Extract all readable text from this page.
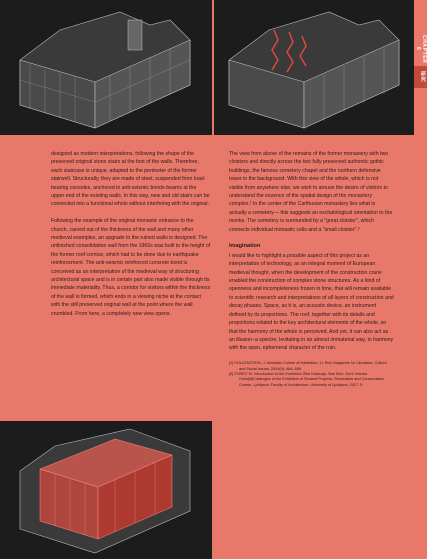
CHAPTER 6
研究

designed as modern interpretations, following the shape of the preserved original stone stairs at the foot of the walls. Therefore, each staircase is unique, adapted to the perimeter of the former stairwell. Structurally, they are made of steel, suspended from load-bearing consoles, anchored in anti-seismic bonds-beams at the upper end of the existing walls. In this way, new and old stairs can be connected into a functional whole without interfering with the original.

Following the example of the original monastic entrance to the church, carved out of the thickness of the wall and many other medieval examples, an upgrade to the ruined walls is designed. The unfinished consolidation wall from the 1960s was built to the height of the former roof cornice, which had to be done due to earthquake reinforcement. The anti-seismic reinforced concrete bond is conceived as an interpretation of the medieval way of structuring architectural space and is in certain part also made visible through its immediate materiality. Thus, a corridor for visitors within the thickness of the wall is formed, which ends in a viewing niche at the contact with the still preserved original wall at the point where the wall crumbled. From here, a completely new view opens.

The view from above of the remains of the former monastery with two cloisters and directly across the two fully preserved authentic gothic buildings, the famous cemetery chapel and the northern defensive tower in the background. With this view of the whole, which is not visible from anywhere else, we wish to arouse the desire of visitors to understand the essence of the spatial design of the monastery complex.¹ In the center of the Carthusian monastery lies what is actually a cemetery— this suggests an eschatological orientation to the monks. The cemetery is surrounded by a "great cloister", which connects individual monastic cells and a "small cloister".²

Imagination

I would like to highlight a possible aspect of this project as an interpretation of technology, as an integral moment of European medieval thought, when the development of the construction crane enabled the construction of complex stone structures. As a kind of openness and incompleteness frozen in time, that will remain available to scientific research and interpretations of all layers of construction and decay phases. Space, as it is, an acoustic device, an instrument defined by its proportions. The roof, together with its details and proportions related to the key architectural elements of the whole, so that the harmony of the whole is perceived. And yet, it can also act as an illusion–a spectre, levitating in an almost immaterial way, in harmony with the open, ephemeral character of the ruin.

[1] HOLLENSTEIN, J. Monastic Culture of Habitation, Li. Rich Magazine for Literature, Culture and Social Issues, 2004(5): 484–486.
[2] ZOREC M. Introduction to the Exhibition Žiča Kartuzija, Stat Selo: Dunt Vincitur Orbis[M]Catalogue of the Exhibition of Student Projects: Renovation and Conservation Course. Ljubljana: Faculty of Architecture, University of Ljubljana, 2017: 5.
